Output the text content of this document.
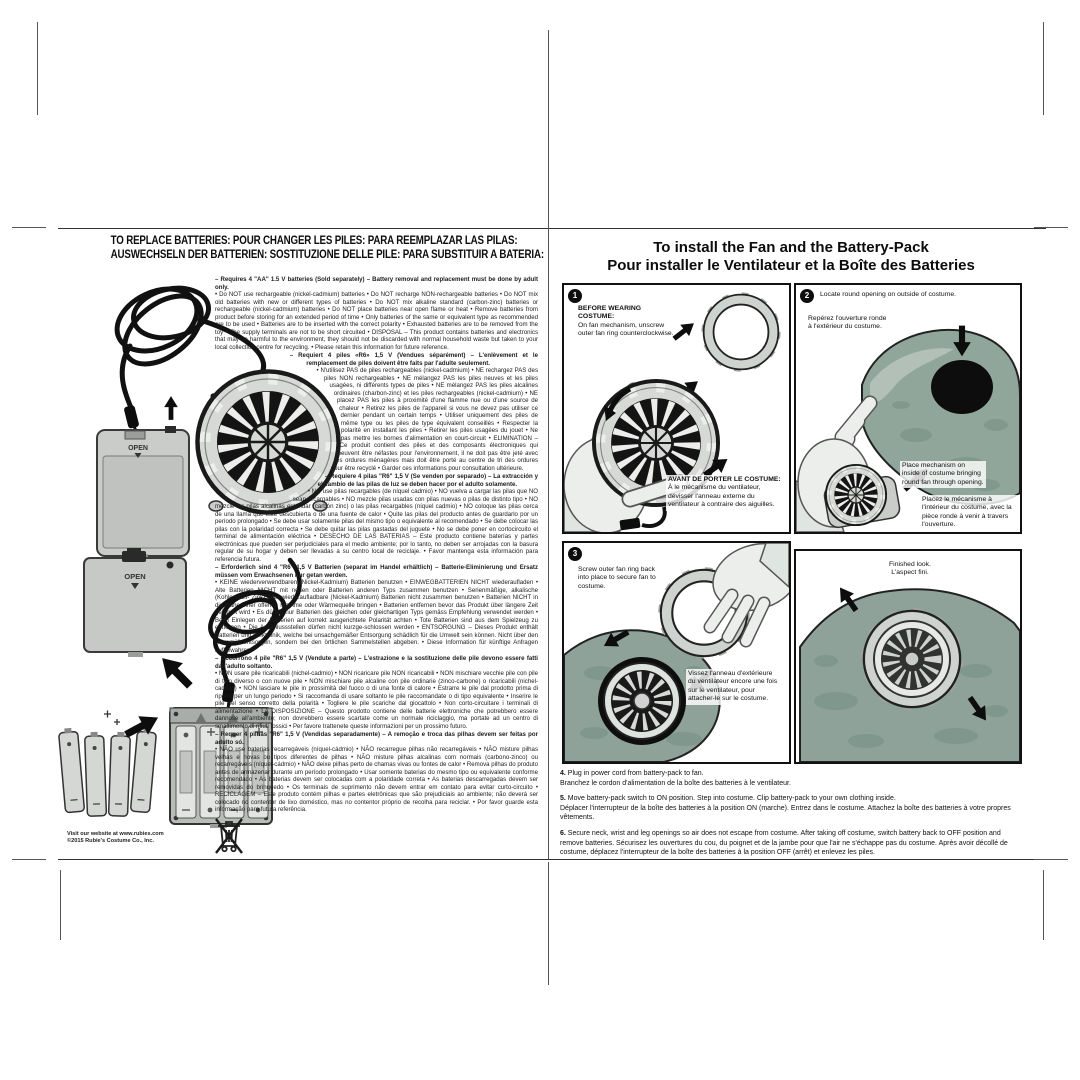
TO REPLACE BATTERIES: POUR CHANGER LES PILES: PARA REEMPLAZAR LAS PILAS:
AUSWECHSELN DER BATTERIEN: SOSTITUZIONE DELLE PILE: PARA SUBSTITUIR A BATERIA:
OPEN
OPEN

– Requires 4 "AA" 1.5 V batteries (Sold separately) – Battery removal and replacement must be done by adult only.
• Do NOT use rechargeable (nickel-cadmium) batteries • Do NOT recharge NON-rechargeable batteries • Do NOT mix old batteries with new or different types of batteries • Do NOT mix alkaline standard (carbon-zinc) batteries or rechargeable (nickel-cadmium) batteries • Do NOT place batteries near open flame or heat • Remove batteries from product before storing for an extended period of time • Only batteries of the same or equivalent type as recommended are to be used • Batteries are to be inserted with the correct polarity • Exhausted batteries are to be removed from the toy • The supply terminals are not to be short circuited • DISPOSAL – This product contains batteries and electronics that may be harmful to the environment, they should not be discarded with normal household waste but taken to your local collection centre for recycling. • Please retain this information for future reference.

– Requiert 4 piles «R6» 1,5 V (Vendues séparément) – L'enlèvement et le remplacement de piles doivent être faits par l'adulte seulement.
• N'utilisez PAS de piles rechargeables (nickel-cadmium) • NE rechargez PAS des piles NON rechargeables • NE mélangez PAS les piles neuves et les piles usagées, ni différents types de piles • NE mélangez PAS les piles alcalines ordinaires (charbon-zinc) et les piles rechargeables (nickel-cadmium) • NE placez PAS les piles à proximité d'une flamme nue ou d'une source de chaleur • Retirez les piles de l'appareil si vous ne devez pas utiliser ce dernier pendant un certain temps • Utiliser uniquement des piles de même type ou les piles de type équivalent conseillés • Respecter la polarité en installant les piles • Retirer les piles usagées du jouet • Ne pas mettre les bornes d'alimentation en court-circuit • ELIMINATION – Ce produit contient des piles et des composants électroniques qui peuvent être néfastes pour l'environnement, il ne doit pas être jeté avec les ordures ménagères mais doit être porté au centre de tri des ordures pour être recyclé • Garder ces informations pour consultation ultérieure.

– Requiere 4 pilas "R6" 1,5 V (Se venden por separado) – La extracción y el cambio de las pilas de luz se deben hacer por el adulto solamente.
• NO use pilas recargables (de níquel cadmio) • NO vuelva a cargar las pilas que NO sean recargables • NO mezcle pilas usadas con pilas nuevas o pilas de distinto tipo • NO mezcle las pilas alcalinas estándar (carbón zinc) o las pilas recargables (níquel cadmio) • NO coloque las pilas cerca de una llama que esté descubierta o de una fuente de calor • Quite las pilas del producto antes de guardarlo por un período prolongado • Se debe usar solamente pilas del mismo tipo o equivalente al recomendado • Se debe colocar las pilas con la polaridad correcta • Se debe quitar las pilas gastadas del juguete • No se debe poner en cortocircuito el terminal de alimentación eléctrica • DESECHO DE LAS BATERIAS – Este producto contiene baterías y partes electrónicas que pueden ser perjudiciales para el medio ambiente; por lo tanto, no deben ser arrojadas con la basura regular de su hogar y deben ser llevadas a su centro local de reciclaje. • Favor mantenga esta información para referencia futura.

– Erforderlich sind 4 "R6" 1,5 V Batterien (separat im Handel erhältlich) – Batterie-Eliminierung und Ersatz müssen vom Erwachsenen nur getan werden.
• KEINE wiederverwendbaren (Nickel-Kadmium) Batterien benutzen • EINWEGBATTERIEN NICHT wiederaufladen • Alte Batterien NICHT mit neuen oder Batterien anderen Typs zusammen benutzen • Serienmäßige, alkalische (Kohlenstoff- Zink) oder wiederaufladbare (Nickel-Kadmium) Batterien nicht zusammen benutzen • Batterien NICHT in die Nähe einer offenen Flamme oder Wärmequelle bringen • Batterien entfernen bevor das Produkt über längere Zeit gelagert wird • Es dürfen nur Batterien des gleichen oder gleichartigen Typs gemäss Empfehlung verwendet werden • Beim Einlegen der Batterien auf korrekt ausgerichtete Polarität achten • Tote Batterien sind aus dem Spielzeug zu entfernen • Die Anschlussstellen dürfen nicht kurzge-schlossen werden • ENTSORGUNG – Dieses Produkt enthält Batterien und Elektronik, welche bei unsachgemäßer Entsorgung schädlich für die Umwelt sein können. Nicht über den Hausmüll entsorgen, sondern bei den örtlichen Sammelstellen abgeben. • Diese Information für künftige Anfragen aufbewahren.

– Occorrono 4 pile "R6" 1,5 V (Vendute a parte) – L'estrazione e la sostituzione delle pile devono essere fatti dall'adulto soltanto.
• NON usare pile ricaricabili (nichel-cadmio) • NON ricaricare pile NON ricaricabili • NON mischiare vecchie pile con pile di tipo diverso o con nuove pile • NON mischiare pile alcaline con pile ordinarie (zinco-carbone) o ricaricabili (nichel-cadmio) • NON lasciare le pile in prossimità del fuoco o di una fonte di calore • Estrarre le pile dal prodotto prima di riporlo per un lungo periodo • Si raccomanda di usare soltanto le pile raccomandate o di tipo equivalente • Inserire le pile nel senso corretto della polarità • Togliere le pile scariche dal giocattolo • Non corto-circuitare i terminali di alimentazione • LA DISPOSIZIONE – Questo prodotto contiene delle batterie elettroniche che potrebbero essere dannose all'ambiente; non dovrebbero essere scartate come un normale riciclaggio, ma portate ad un centro di smaltimento di rifiuti tossici • Per favore trattenete queste informazioni per un prossimo futuro.

– Requer 4 pilhas "R6" 1,5 V (Vendidas separadamente) – A remoção e troca das pilhas devem ser feitas por adulto só.
• NÃO use baterias recarregáveis (níquel-cádmio) • NÃO recarregue pilhas não recarregáveis • NÃO misture pilhas velhas e novas ou tipos diferentes de pilhas • NÃO misture pilhas alcalinas com normais (carbono-zinco) ou recarregáveis (níquel-cádmio) • NÃO deixe pilhas perto de chamas vivas ou fontes de calor • Remova pilhas do produto antes de armazenar durante um período prolongado • Usar somente baterias do mesmo tipo ou equivalente conforme recomendado • As baterias devem ser colocadas com a polaridade correta • As baterias descarregadas devem ser removidas do brinquedo • Os terminais de suprimento não devem entrar em contato para evitar curto-circuito • RECICLAGEM – Este produto contém pilhas e partes eletrônicas que são prejudiciais ao ambiente; não deverá ser colocado no contentor de lixo doméstico, mas no contentor próprio de recolha para reciclar. • Por favor guarde esta informação para futura referência.

Visit our website at www.rubies.com
©2015 Rubie's Costume Co., Inc.
To install the Fan and the Battery-Pack
Pour installer le Ventilateur et la Boîte des Batteries
1
BEFORE WEARING COSTUME:
On fan mechanism, unscrew outer fan ring counterclockwise.
AVANT DE PORTER LE COSTUME:
À le mécanisme du ventilateur, dévisser l'anneau externe du ventilateur à contraire des aiguilles.
2	Locate round opening on outside of costume.
Repérez l'ouverture ronde à l'extérieur du costume.
Place mechanism on inside of costume bringing round fan through opening.
Placez le mécanisme à l'intérieur du costume, avec la pièce ronde à venir à travers l'ouverture.
3
Screw outer fan ring back into place to secure fan to costume.
Vissez l'anneau d'extérieure du ventilateur encore une fois sur le ventilateur, pour attacher-le sur le costume.
Finished look.
L'aspect fini.

4. Plug in power cord from battery-pack to fan.
Branchez le cordon d'alimentation de la boîte des batteries à le ventilateur.

5. Move battery-pack switch to ON position. Step into costume. Clip battery-pack to your own clothing inside.
Déplacer l'interrupteur de la boîte des batteries à la position ON (marche). Entrez dans le costume. Attachez la boîte des batteries à votre propres vêtements.

6. Secure neck, wrist and leg openings so air does not escape from costume. After taking off costume, switch battery back to OFF position and remove batteries. Sécurisez les ouvertures du cou, du poignet et de la jambe pour que l'air ne s'échappe pas du costume. Après avoir décollé de costume, déplacez l'interrupteur de la boîte des batteries à la position OFF (arrêt) et enlevez les piles.
